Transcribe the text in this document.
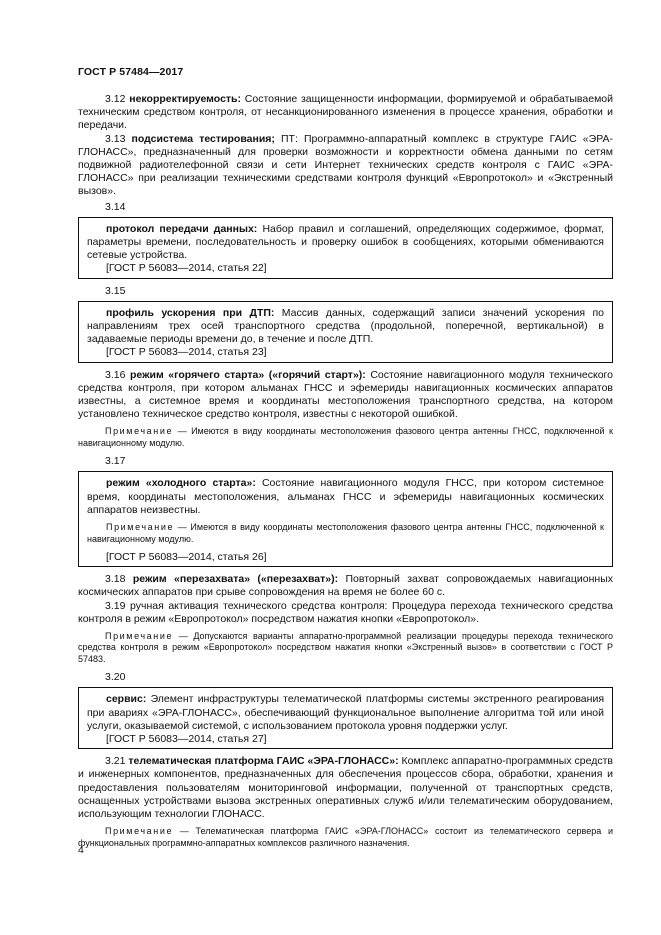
ГОСТ Р 57484—2017

3.12 некорректируемость: Состояние защищенности информации, формируемой и обрабатываемой техническим средством контроля, от несанкционированного изменения в процессе хранения, обработки и передачи.

3.13 подсистема тестирования; ПТ: Программно-аппаратный комплекс в структуре ГАИС «ЭРА-ГЛОНАСС», предназначенный для проверки возможности и корректности обмена данными по сетям подвижной радиотелефонной связи и сети Интернет технических средств контроля с ГАИС «ЭРА-ГЛОНАСС» при реализации техническими средствами контроля функций «Европротокол» и «Экстренный вызов».

3.14

протокол передачи данных: Набор правил и соглашений, определяющих содержимое, формат, параметры времени, последовательность и проверку ошибок в сообщениях, которыми обмениваются сетевые устройства.

[ГОСТ Р 56083—2014, статья 22]
3.15

профиль ускорения при ДТП: Массив данных, содержащий записи значений ускорения по направлениям трех осей транспортного средства (продольной, поперечной, вертикальной) в задаваемые периоды времени до, в течение и после ДТП.

[ГОСТ Р 56083—2014, статья 23]

3.16 режим «горячего старта» («горячий старт»): Состояние навигационного модуля технического средства контроля, при котором альманах ГНСС и эфемериды навигационных космических аппаратов известны, а системное время и координаты местоположения транспортного средства, на котором установлено техническое средство контроля, известны с некоторой ошибкой.

Примечание — Имеются в виду координаты местоположения фазового центра антенны ГНСС, подключенной к навигационному модулю.

3.17

режим «холодного старта»: Состояние навигационного модуля ГНСС, при котором системное время, координаты местоположения, альманах ГНСС и эфемериды навигационных космических аппаратов неизвестны.

Примечание — Имеются в виду координаты местоположения фазового центра антенны ГНСС, подключенной к навигационному модулю.

[ГОСТ Р 56083—2014, статья 26]

3.18 режим «перезахвата» («перезахват»): Повторный захват сопровождаемых навигационных космических аппаратов при срыве сопровождения на время не более 60 с.

3.19 ручная активация технического средства контроля: Процедура перехода технического средства контроля в режим «Европротокол» посредством нажатия кнопки «Европротокол».

Примечание — Допускаются варианты аппаратно-программной реализации процедуры перехода технического средства контроля в режим «Европротокол» посредством нажатия кнопки «Экстренный вызов» в соответствии с ГОСТ Р 57483.

3.20

сервис: Элемент инфраструктуры телематической платформы системы экстренного реагирования при авариях «ЭРА-ГЛОНАСС», обеспечивающий функциональное выполнение алгоритма той или иной услуги, оказываемой системой, с использованием протокола уровня поддержки услуг.

[ГОСТ Р 56083—2014, статья 27]

3.21 телематическая платформа ГАИС «ЭРА-ГЛОНАСС»: Комплекс аппаратно-программных средств и инженерных компонентов, предназначенных для обеспечения процессов сбора, обработки, хранения и предоставления пользователям мониторинговой информации, полученной от транспортных средств, оснащенных устройствами вызова экстренных оперативных служб и/или телематическим оборудованием, использующим технологии ГЛОНАСС.

Примечание — Телематическая платформа ГАИС «ЭРА-ГЛОНАСС» состоит из телематического сервера и функциональных программно-аппаратных комплексов различного назначения.

4
